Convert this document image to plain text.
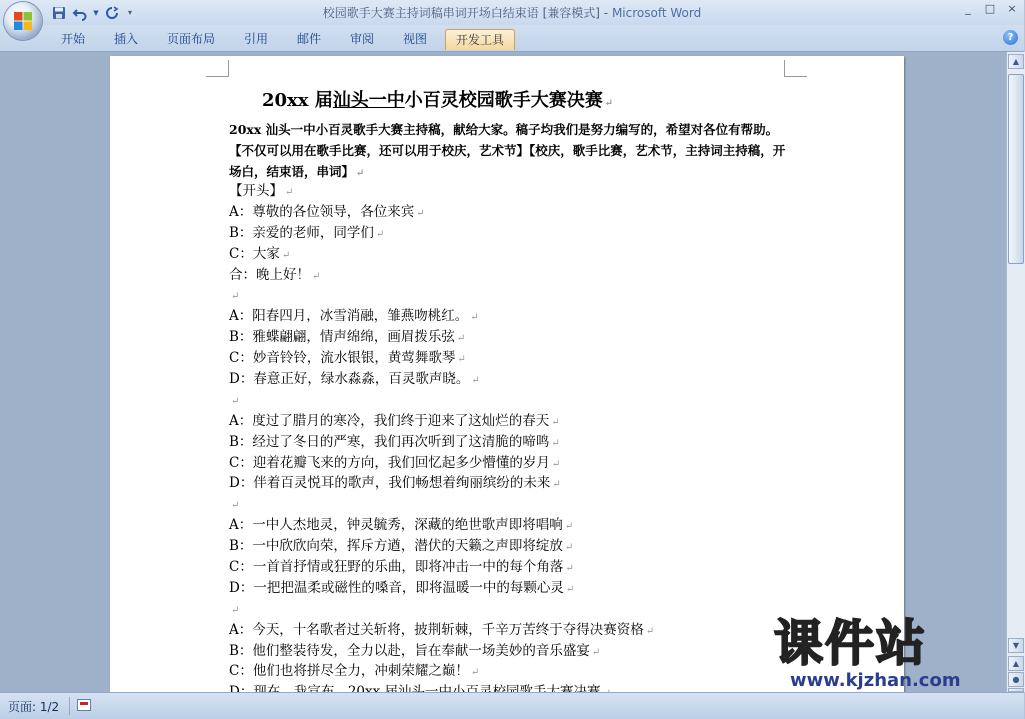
▼	▾	校园歌手大赛主持词稿串词开场白结束语 [兼容模式] - Microsoft Word	_ □ ×
开始	插入	页面布局	引用	邮件	审阅	视图	开发工具	?
20xx 届汕头一中小百灵校园歌手大赛决赛 ↵
20xx 汕头一中小百灵歌手大赛主持稿，献给大家。稿子均我们是努力编写的，希望对各位有帮助。【不仅可以用在歌手比赛，还可以用于校庆，艺术节】【校庆，歌手比赛，艺术节，主持词主持稿，开场白，结束语，串词】 ↵
【开头】 ↵
A：尊敬的各位领导，各位来宾 ↵
B：亲爱的老师，同学们 ↵
C：大家 ↵
合：晚上好！ ↵
↵
A：阳春四月，冰雪消融，雏燕吻桃红。 ↵
B：雅蝶翩翩，情声绵绵，画眉拨乐弦 ↵
C：妙音铃铃，流水银银，黄莺舞歌琴 ↵
D：春意正好，绿水淼淼，百灵歌声晓。 ↵
↵
A：度过了腊月的寒冷，我们终于迎来了这灿烂的春天 ↵
B：经过了冬日的严寒，我们再次听到了这清脆的啼鸣 ↵
C：迎着花瓣飞来的方向，我们回忆起多少懵懂的岁月 ↵
D：伴着百灵悦耳的歌声，我们畅想着绚丽缤纷的未来 ↵
↵
A：一中人杰地灵，钟灵毓秀，深藏的绝世歌声即将唱响 ↵
B：一中欣欣向荣，挥斥方遒，潜伏的天籁之声即将绽放 ↵
C：一首首抒情或狂野的乐曲，即将冲击一中的每个角落 ↵
D：一把把温柔或磁性的嗓音，即将温暖一中的每颗心灵 ↵
↵
A：今天，十名歌者过关斩将，披荆斩棘，千辛万苦终于夺得决赛资格 ↵
B：他们整装待发，全力以赴，旨在奉献一场美妙的音乐盛宴 ↵
C：他们也将拼尽全力，冲刺荣耀之巅！ ↵
▲
▼
▲
●
页面: 1/2
课件站
www.kjzhan.com
